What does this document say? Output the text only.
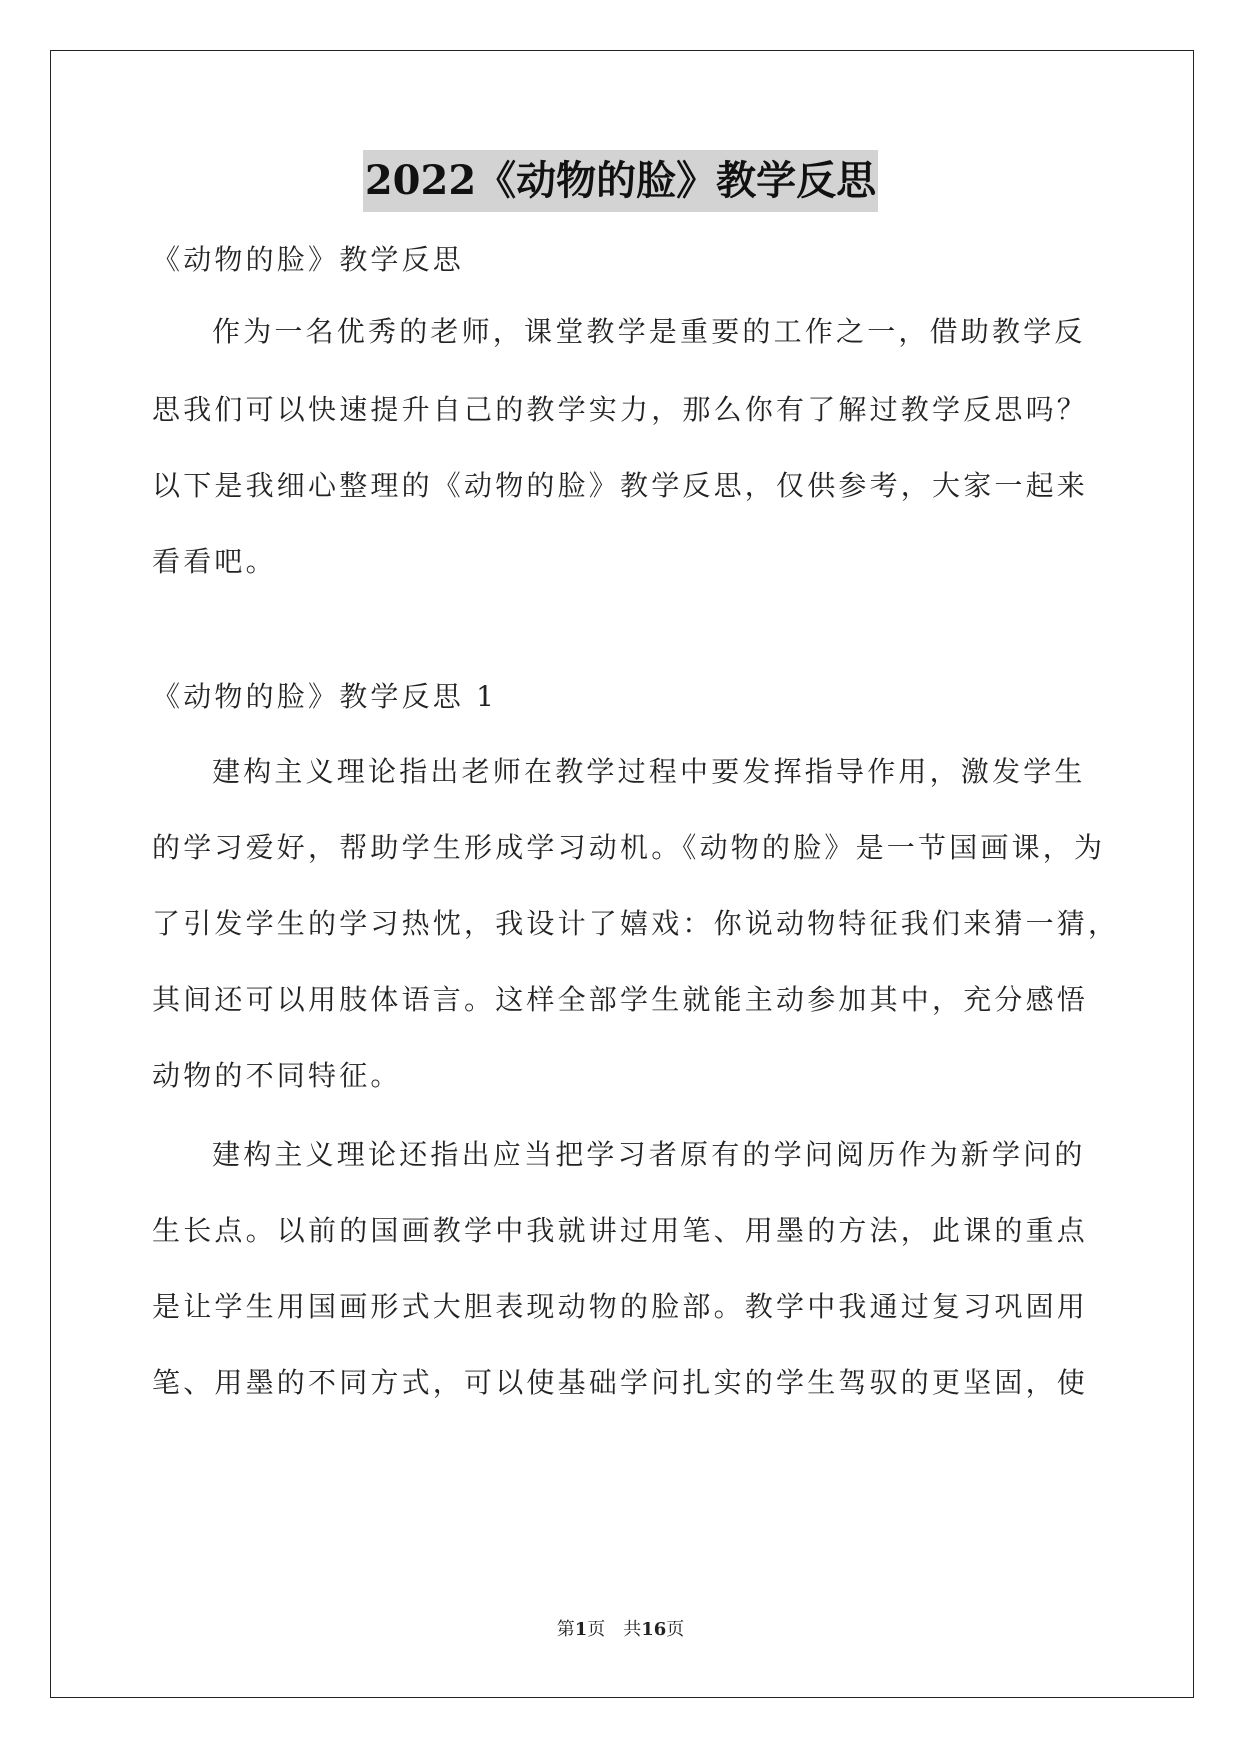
2022《动物的脸》教学反思
《动物的脸》教学反思
作为一名优秀的老师，课堂教学是重要的工作之一，借助教学反
思我们可以快速提升自己的教学实力，那么你有了解过教学反思吗？
以下是我细心整理的《动物的脸》教学反思，仅供参考，大家一起来
看看吧。
《动物的脸》教学反思 1
建构主义理论指出老师在教学过程中要发挥指导作用，激发学生
的学习爱好，帮助学生形成学习动机。《动物的脸》是一节国画课，为
了引发学生的学习热忱，我设计了嬉戏：你说动物特征我们来猜一猜，
其间还可以用肢体语言。这样全部学生就能主动参加其中，充分感悟
动物的不同特征。
建构主义理论还指出应当把学习者原有的学问阅历作为新学问的
生长点。以前的国画教学中我就讲过用笔、用墨的方法，此课的重点
是让学生用国画形式大胆表现动物的脸部。教学中我通过复习巩固用
笔、用墨的不同方式，可以使基础学问扎实的学生驾驭的更坚固，使
第1页　共16页
